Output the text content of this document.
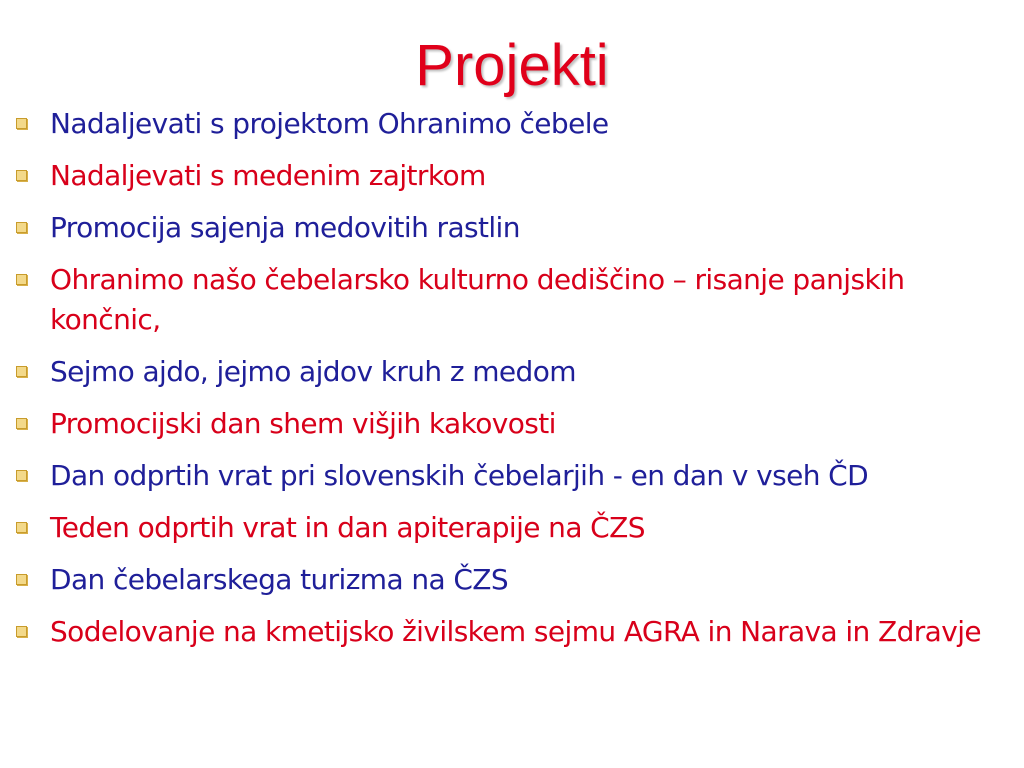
Projekti
Nadaljevati s projektom Ohranimo čebele
Nadaljevati s medenim zajtrkom
Promocija sajenja medovitih rastlin
Ohranimo našo čebelarsko kulturno dediščino – risanje panjskih končnic,
Sejmo ajdo, jejmo ajdov kruh z medom
Promocijski dan shem višjih kakovosti
Dan odprtih vrat pri slovenskih čebelarjih - en dan v vseh ČD
Teden odprtih vrat in dan apiterapije na ČZS
Dan čebelarskega turizma na ČZS
Sodelovanje na kmetijsko živilskem sejmu AGRA in Narava in Zdravje
